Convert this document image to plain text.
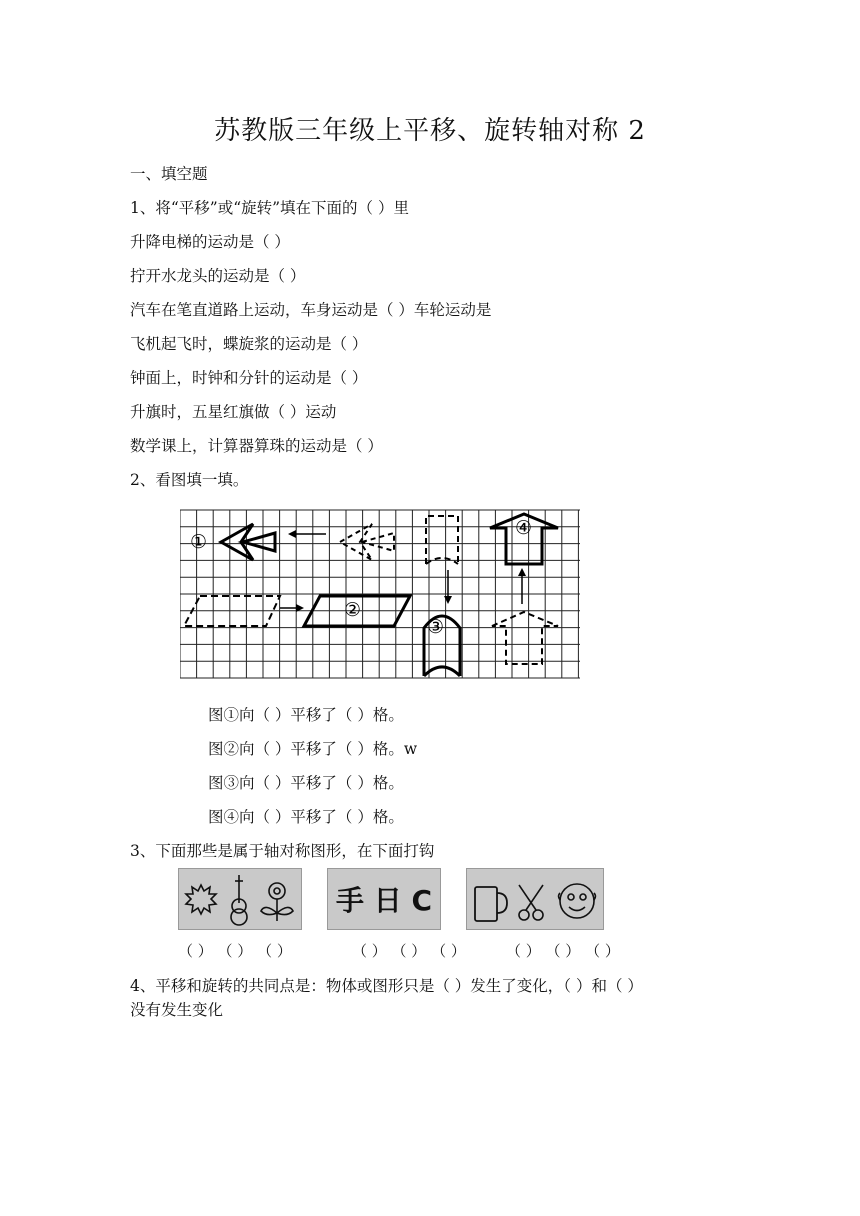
苏教版三年级上平移、旋转轴对称 2
一、填空题
1、将“平移”或“旋转”填在下面的（ ）里
升降电梯的运动是（ ）
拧开水龙头的运动是（ ）
汽车在笔直道路上运动，车身运动是（ ）车轮运动是
飞机起飞时，蝶旋浆的运动是（ ）
钟面上，时钟和分针的运动是（ ）
升旗时，五星红旗做（ ）运动
数学课上，计算器算珠的运动是（ ）
2、看图填一填。
①
③
④
②
图①向（ ）平移了（ ）格。
图②向（ ）平移了（ ）格。w
图③向（ ）平移了（ ）格。
图④向（ ）平移了（ ）格。
3、下面那些是属于轴对称图形，在下面打钩
手 日 C
（ ） （ ） （ ）	（ ） （ ） （ ）	（ ） （ ） （ ）
4、平移和旋转的共同点是：物体或图形只是（ ）发生了变化，（ ）和（ ）
没有发生变化
